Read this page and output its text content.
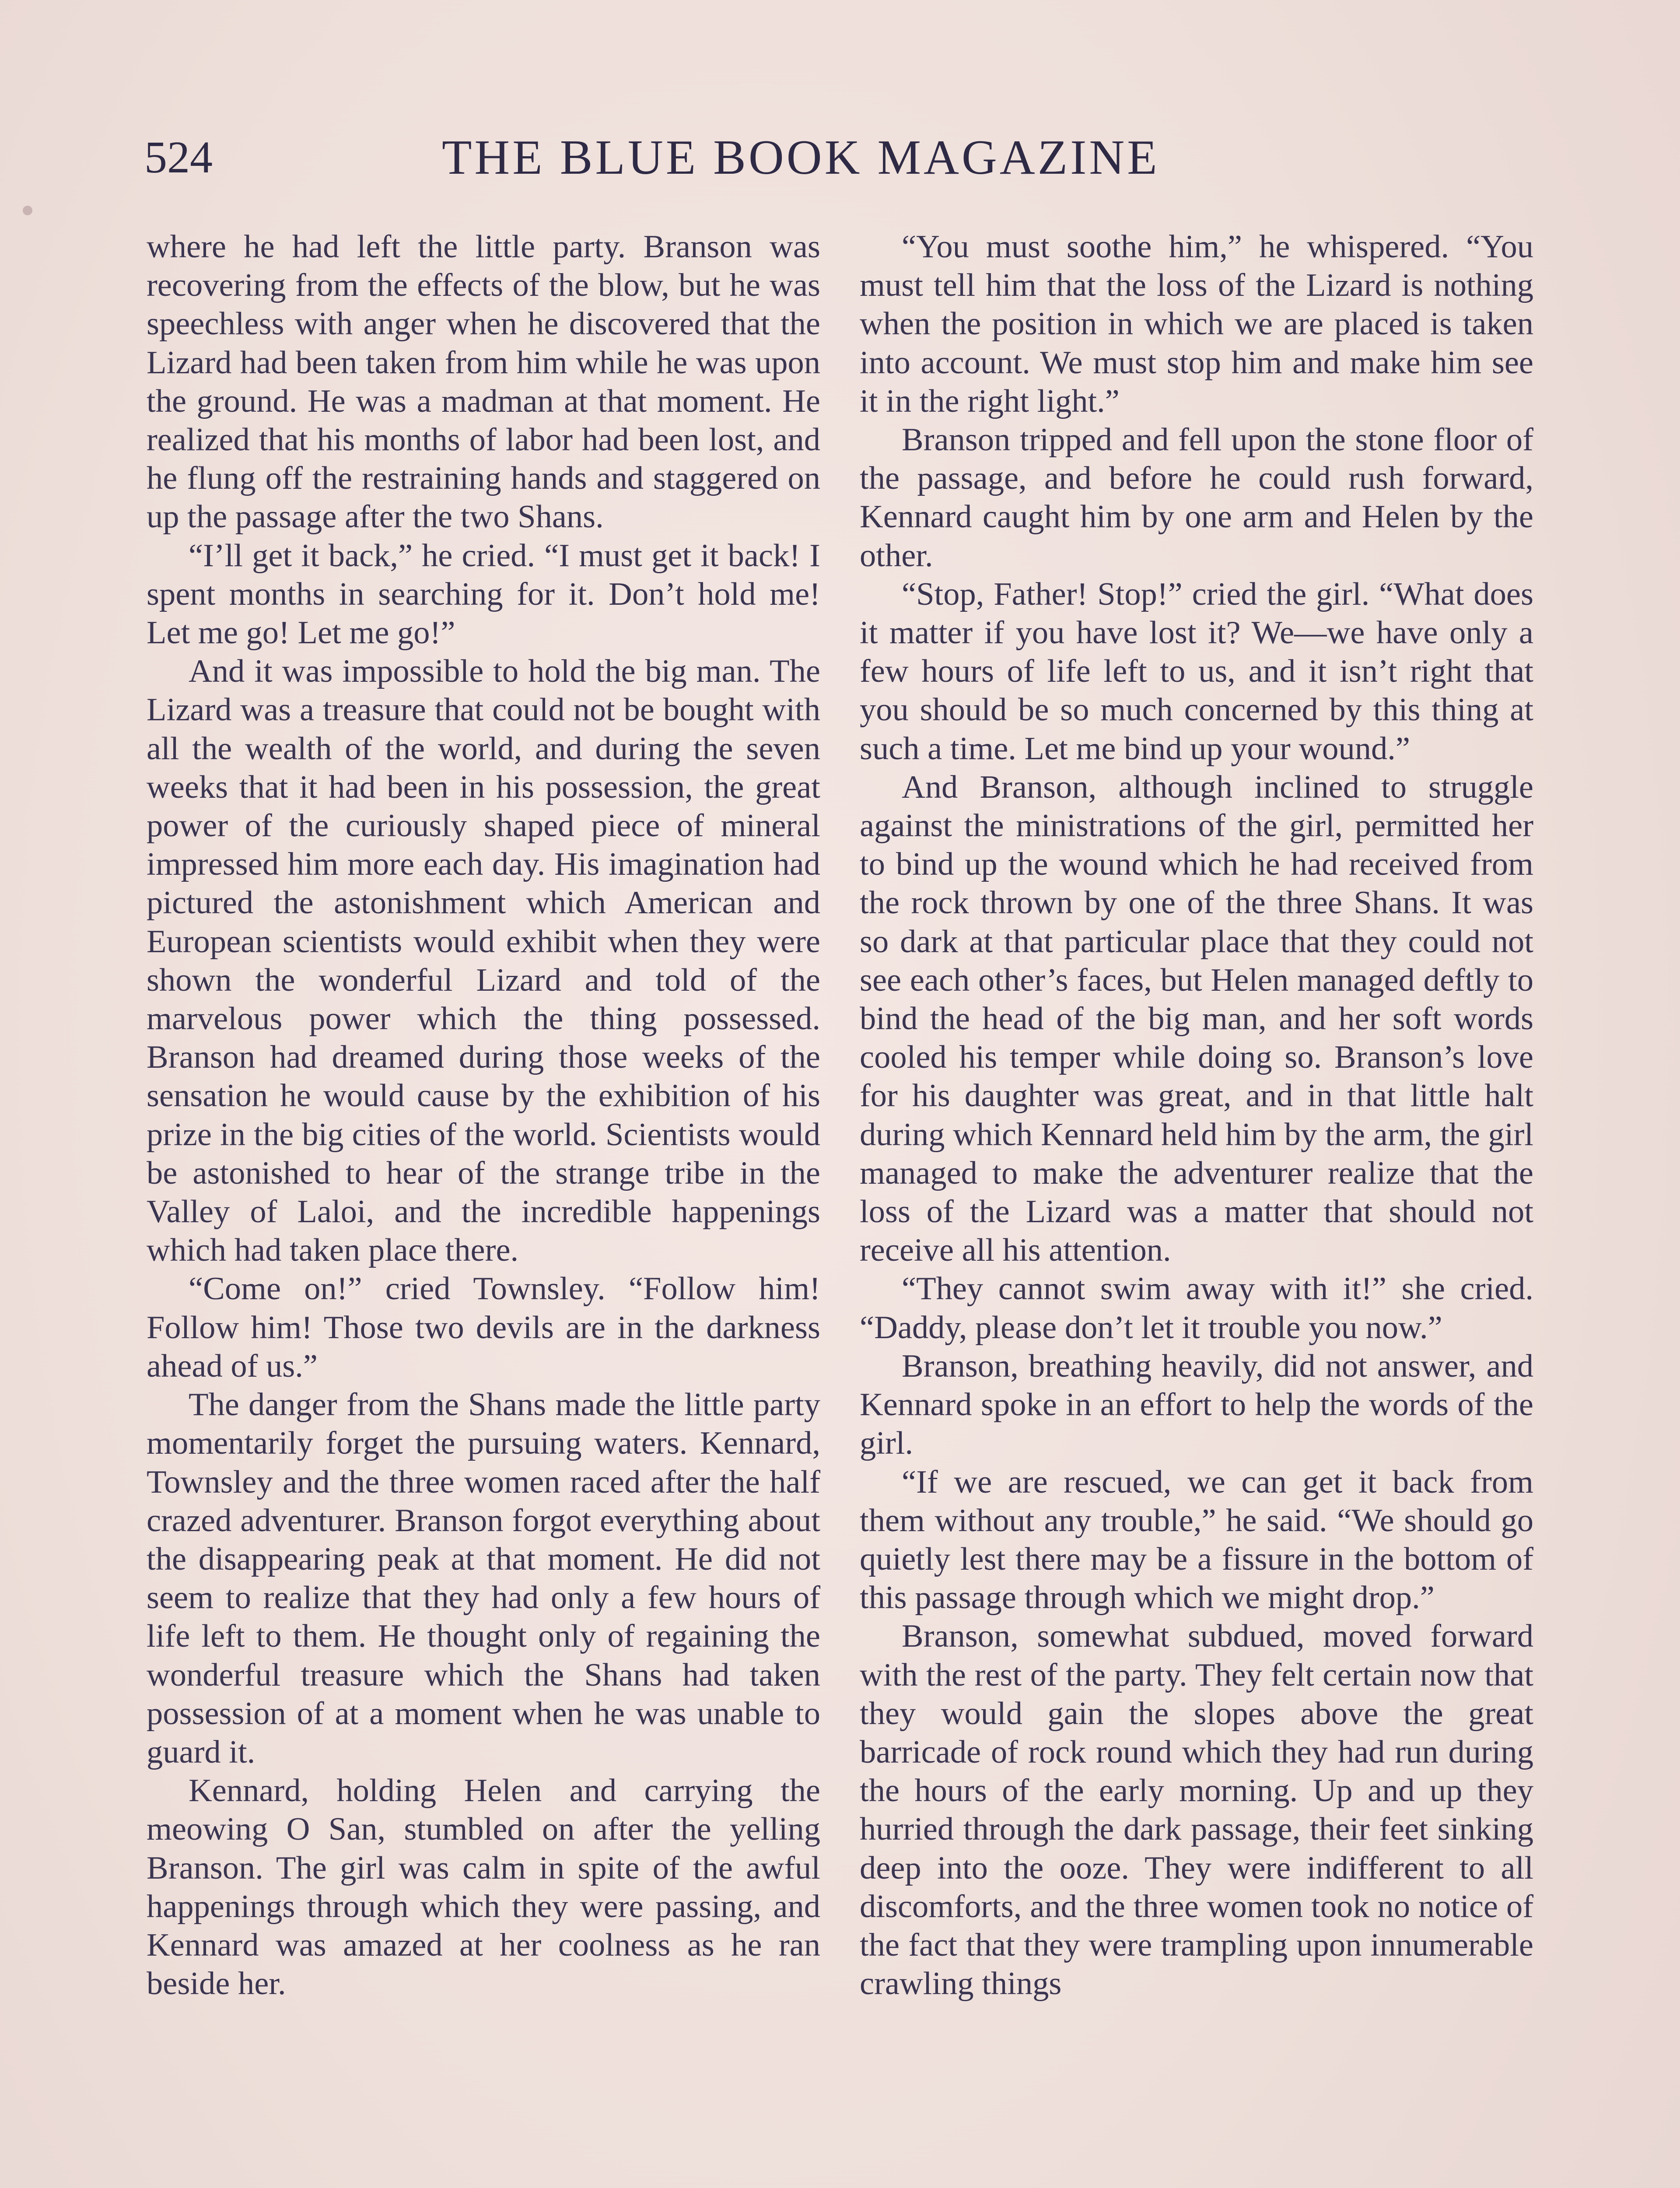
524	THE BLUE BOOK MAGAZINE

where he had left the little party. Branson was recovering from the effects of the blow, but he was speechless with anger when he discovered that the Lizard had been taken from him while he was upon the ground. He was a madman at that moment. He realized that his months of labor had been lost, and he flung off the restraining hands and staggered on up the passage after the two Shans.

“I’ll get it back,” he cried. “I must get it back! I spent months in searching for it. Don’t hold me! Let me go! Let me go!”

And it was impossible to hold the big man. The Lizard was a treasure that could not be bought with all the wealth of the world, and during the seven weeks that it had been in his possession, the great power of the curiously shaped piece of mineral impressed him more each day. His imagination had pictured the astonishment which American and European scientists would exhibit when they were shown the wonderful Lizard and told of the marvelous power which the thing possessed. Branson had dreamed during those weeks of the sensation he would cause by the exhibition of his prize in the big cities of the world. Scientists would be astonished to hear of the strange tribe in the Valley of Laloi, and the incredible happenings which had taken place there.

“Come on!” cried Townsley. “Follow him! Follow him! Those two devils are in the darkness ahead of us.”

The danger from the Shans made the little party momentarily forget the pursuing waters. Kennard, Townsley and the three women raced after the half crazed adventurer. Branson forgot everything about the disappearing peak at that moment. He did not seem to realize that they had only a few hours of life left to them. He thought only of regaining the wonderful treasure which the Shans had taken possession of at a moment when he was unable to guard it.

Kennard, holding Helen and carrying the meowing O San, stumbled on after the yelling Branson. The girl was calm in spite of the awful happenings through which they were passing, and Kennard was amazed at her coolness as he ran beside her.

“You must soothe him,” he whispered. “You must tell him that the loss of the Lizard is nothing when the position in which we are placed is taken into account. We must stop him and make him see it in the right light.”

Branson tripped and fell upon the stone floor of the passage, and before he could rush forward, Kennard caught him by one arm and Helen by the other.

“Stop, Father! Stop!” cried the girl. “What does it matter if you have lost it? We—we have only a few hours of life left to us, and it isn’t right that you should be so much concerned by this thing at such a time. Let me bind up your wound.”

And Branson, although inclined to struggle against the ministrations of the girl, permitted her to bind up the wound which he had received from the rock thrown by one of the three Shans. It was so dark at that particular place that they could not see each other’s faces, but Helen managed deftly to bind the head of the big man, and her soft words cooled his temper while doing so. Branson’s love for his daughter was great, and in that little halt during which Kennard held him by the arm, the girl managed to make the adventurer realize that the loss of the Lizard was a matter that should not receive all his attention.

“They cannot swim away with it!” she cried. “Daddy, please don’t let it trouble you now.”

Branson, breathing heavily, did not answer, and Kennard spoke in an effort to help the words of the girl.

“If we are rescued, we can get it back from them without any trouble,” he said. “We should go quietly lest there may be a fissure in the bottom of this passage through which we might drop.”

Branson, somewhat subdued, moved forward with the rest of the party. They felt certain now that they would gain the slopes above the great barricade of rock round which they had run during the hours of the early morning. Up and up they hurried through the dark passage, their feet sinking deep into the ooze. They were indifferent to all discomforts, and the three women took no notice of the fact that they were trampling upon innumerable crawling things
